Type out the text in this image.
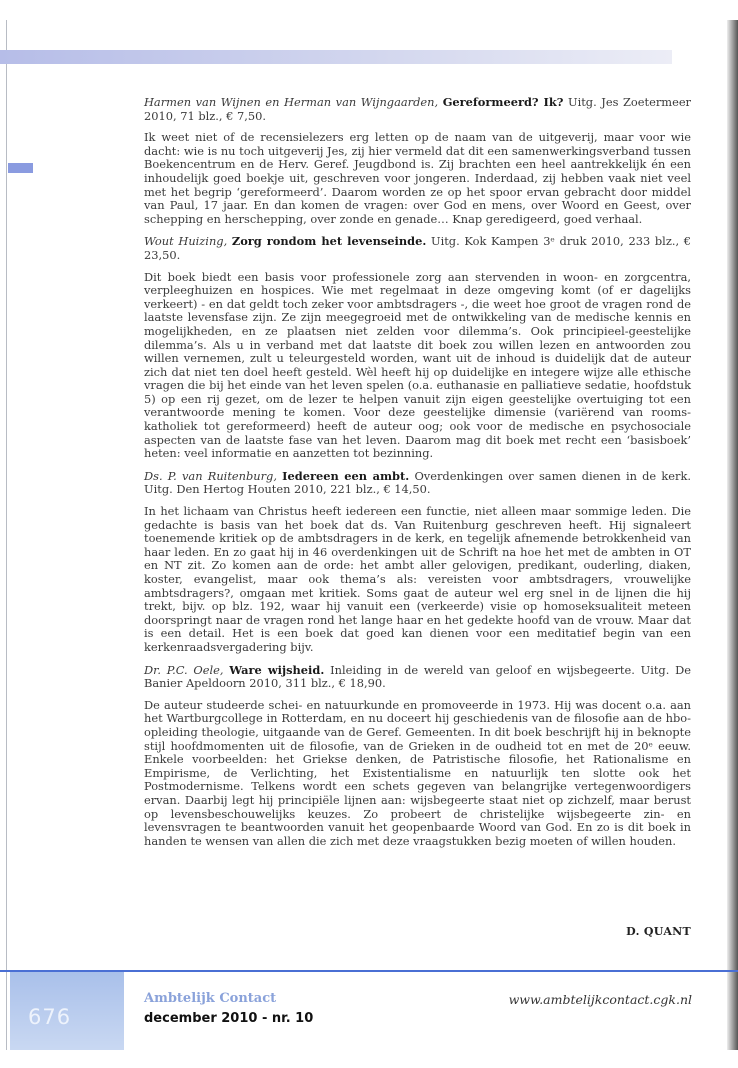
Harmen van Wijnen en Herman van Wijngaarden, Gereformeerd? Ik? Uitg. Jes Zoetermeer 2010, 71 blz., € 7,50.

Ik weet niet of de recensielezers erg letten op de naam van de uitgeverij, maar voor wie dacht: wie is nu toch uitgeverij Jes, zij hier vermeld dat dit een samenwerkingsverband tussen Boekencentrum en de Herv. Geref. Jeugdbond is. Zij brachten een heel aantrekkelijk én een inhoudelijk goed boekje uit, geschreven voor jongeren. Inderdaad, zij hebben vaak niet veel met het begrip ‘gereformeerd’. Daarom worden ze op het spoor ervan gebracht door middel van Paul, 17 jaar. En dan komen de vragen: over God en mens, over Woord en Geest, over schepping en herschepping, over zonde en genade… Knap geredigeerd, goed verhaal.

Wout Huizing, Zorg rondom het levenseinde. Uitg. Kok Kampen 3ᵉ druk 2010, 233 blz., € 23,50.

Dit boek biedt een basis voor professionele zorg aan stervenden in woon- en zorgcentra, verpleeghuizen en hospices. Wie met regelmaat in deze omgeving komt (of er dagelijks verkeert) - en dat geldt toch zeker voor ambtsdragers -, die weet hoe groot de vragen rond de laatste levensfase zijn. Ze zijn meegegroeid met de ontwikkeling van de medische kennis en mogelijkheden, en ze plaatsen niet zelden voor dilemma’s. Ook principieel-geestelijke dilemma’s. Als u in verband met dat laatste dit boek zou willen lezen en antwoorden zou willen vernemen, zult u teleurgesteld worden, want uit de inhoud is duidelijk dat de auteur zich dat niet ten doel heeft gesteld. Wèl heeft hij op duidelijke en integere wijze alle ethische vragen die bij het einde van het leven spelen (o.a. euthanasie en palliatieve sedatie, hoofdstuk 5) op een rij gezet, om de lezer te helpen vanuit zijn eigen geestelijke overtuiging tot een verantwoorde mening te komen. Voor deze geestelijke dimensie (variërend van rooms-katholiek tot gereformeerd) heeft de auteur oog; ook voor de medische en psychosociale aspecten van de laatste fase van het leven. Daarom mag dit boek met recht een ‘basisboek’ heten: veel informatie en aanzetten tot bezinning.

Ds. P. van Ruitenburg, Iedereen een ambt. Overdenkingen over samen dienen in de kerk. Uitg. Den Hertog Houten 2010, 221 blz., € 14,50.

In het lichaam van Christus heeft iedereen een functie, niet alleen maar sommige leden. Die gedachte is basis van het boek dat ds. Van Ruitenburg geschreven heeft. Hij signaleert toenemende kritiek op de ambtsdragers in de kerk, en tegelijk afnemende betrokkenheid van haar leden. En zo gaat hij in 46 overdenkingen uit de Schrift na hoe het met de ambten in OT en NT zit. Zo komen aan de orde: het ambt aller gelovigen, predikant, ouderling, diaken, koster, evangelist, maar ook thema’s als: vereisten voor ambtsdragers, vrouwelijke ambtsdragers?, omgaan met kritiek. Soms gaat de auteur wel erg snel in de lijnen die hij trekt, bijv. op blz. 192, waar hij vanuit een (verkeerde) visie op homoseksualiteit meteen doorspringt naar de vragen rond het lange haar en het gedekte hoofd van de vrouw. Maar dat is een detail. Het is een boek dat goed kan dienen voor een meditatief begin van een kerkenraadsvergadering bijv.

Dr. P.C. Oele, Ware wijsheid. Inleiding in de wereld van geloof en wijsbegeerte. Uitg. De Banier Apeldoorn 2010, 311 blz., € 18,90.

De auteur studeerde schei- en natuurkunde en promoveerde in 1973. Hij was docent o.a. aan het Wartburgcollege in Rotterdam, en nu doceert hij geschiedenis van de filosofie aan de hbo-opleiding theologie, uitgaande van de Geref. Gemeenten. In dit boek beschrijft hij in beknopte stijl hoofdmomenten uit de filosofie, van de Grieken in de oudheid tot en met de 20ᵉ eeuw. Enkele voorbeelden: het Griekse denken, de Patristische filosofie, het Rationalisme en Empirisme, de Verlichting, het Existentialisme en natuurlijk ten slotte ook het Postmodernisme. Telkens wordt een schets gegeven van belangrijke vertegenwoordigers ervan. Daarbij legt hij principiële lijnen aan: wijsbegeerte staat niet op zichzelf, maar berust op levensbeschouwelijks keuzes. Zo probeert de christelijke wijsbegeerte zin- en levensvragen te beantwoorden vanuit het geopenbaarde Woord van God. En zo is dit boek in handen te wensen van allen die zich met deze vraagstukken bezig moeten of willen houden.

D. QUANT
676
Ambtelijk Contact
december 2010 - nr. 10
www.ambtelijkcontact.cgk.nl
